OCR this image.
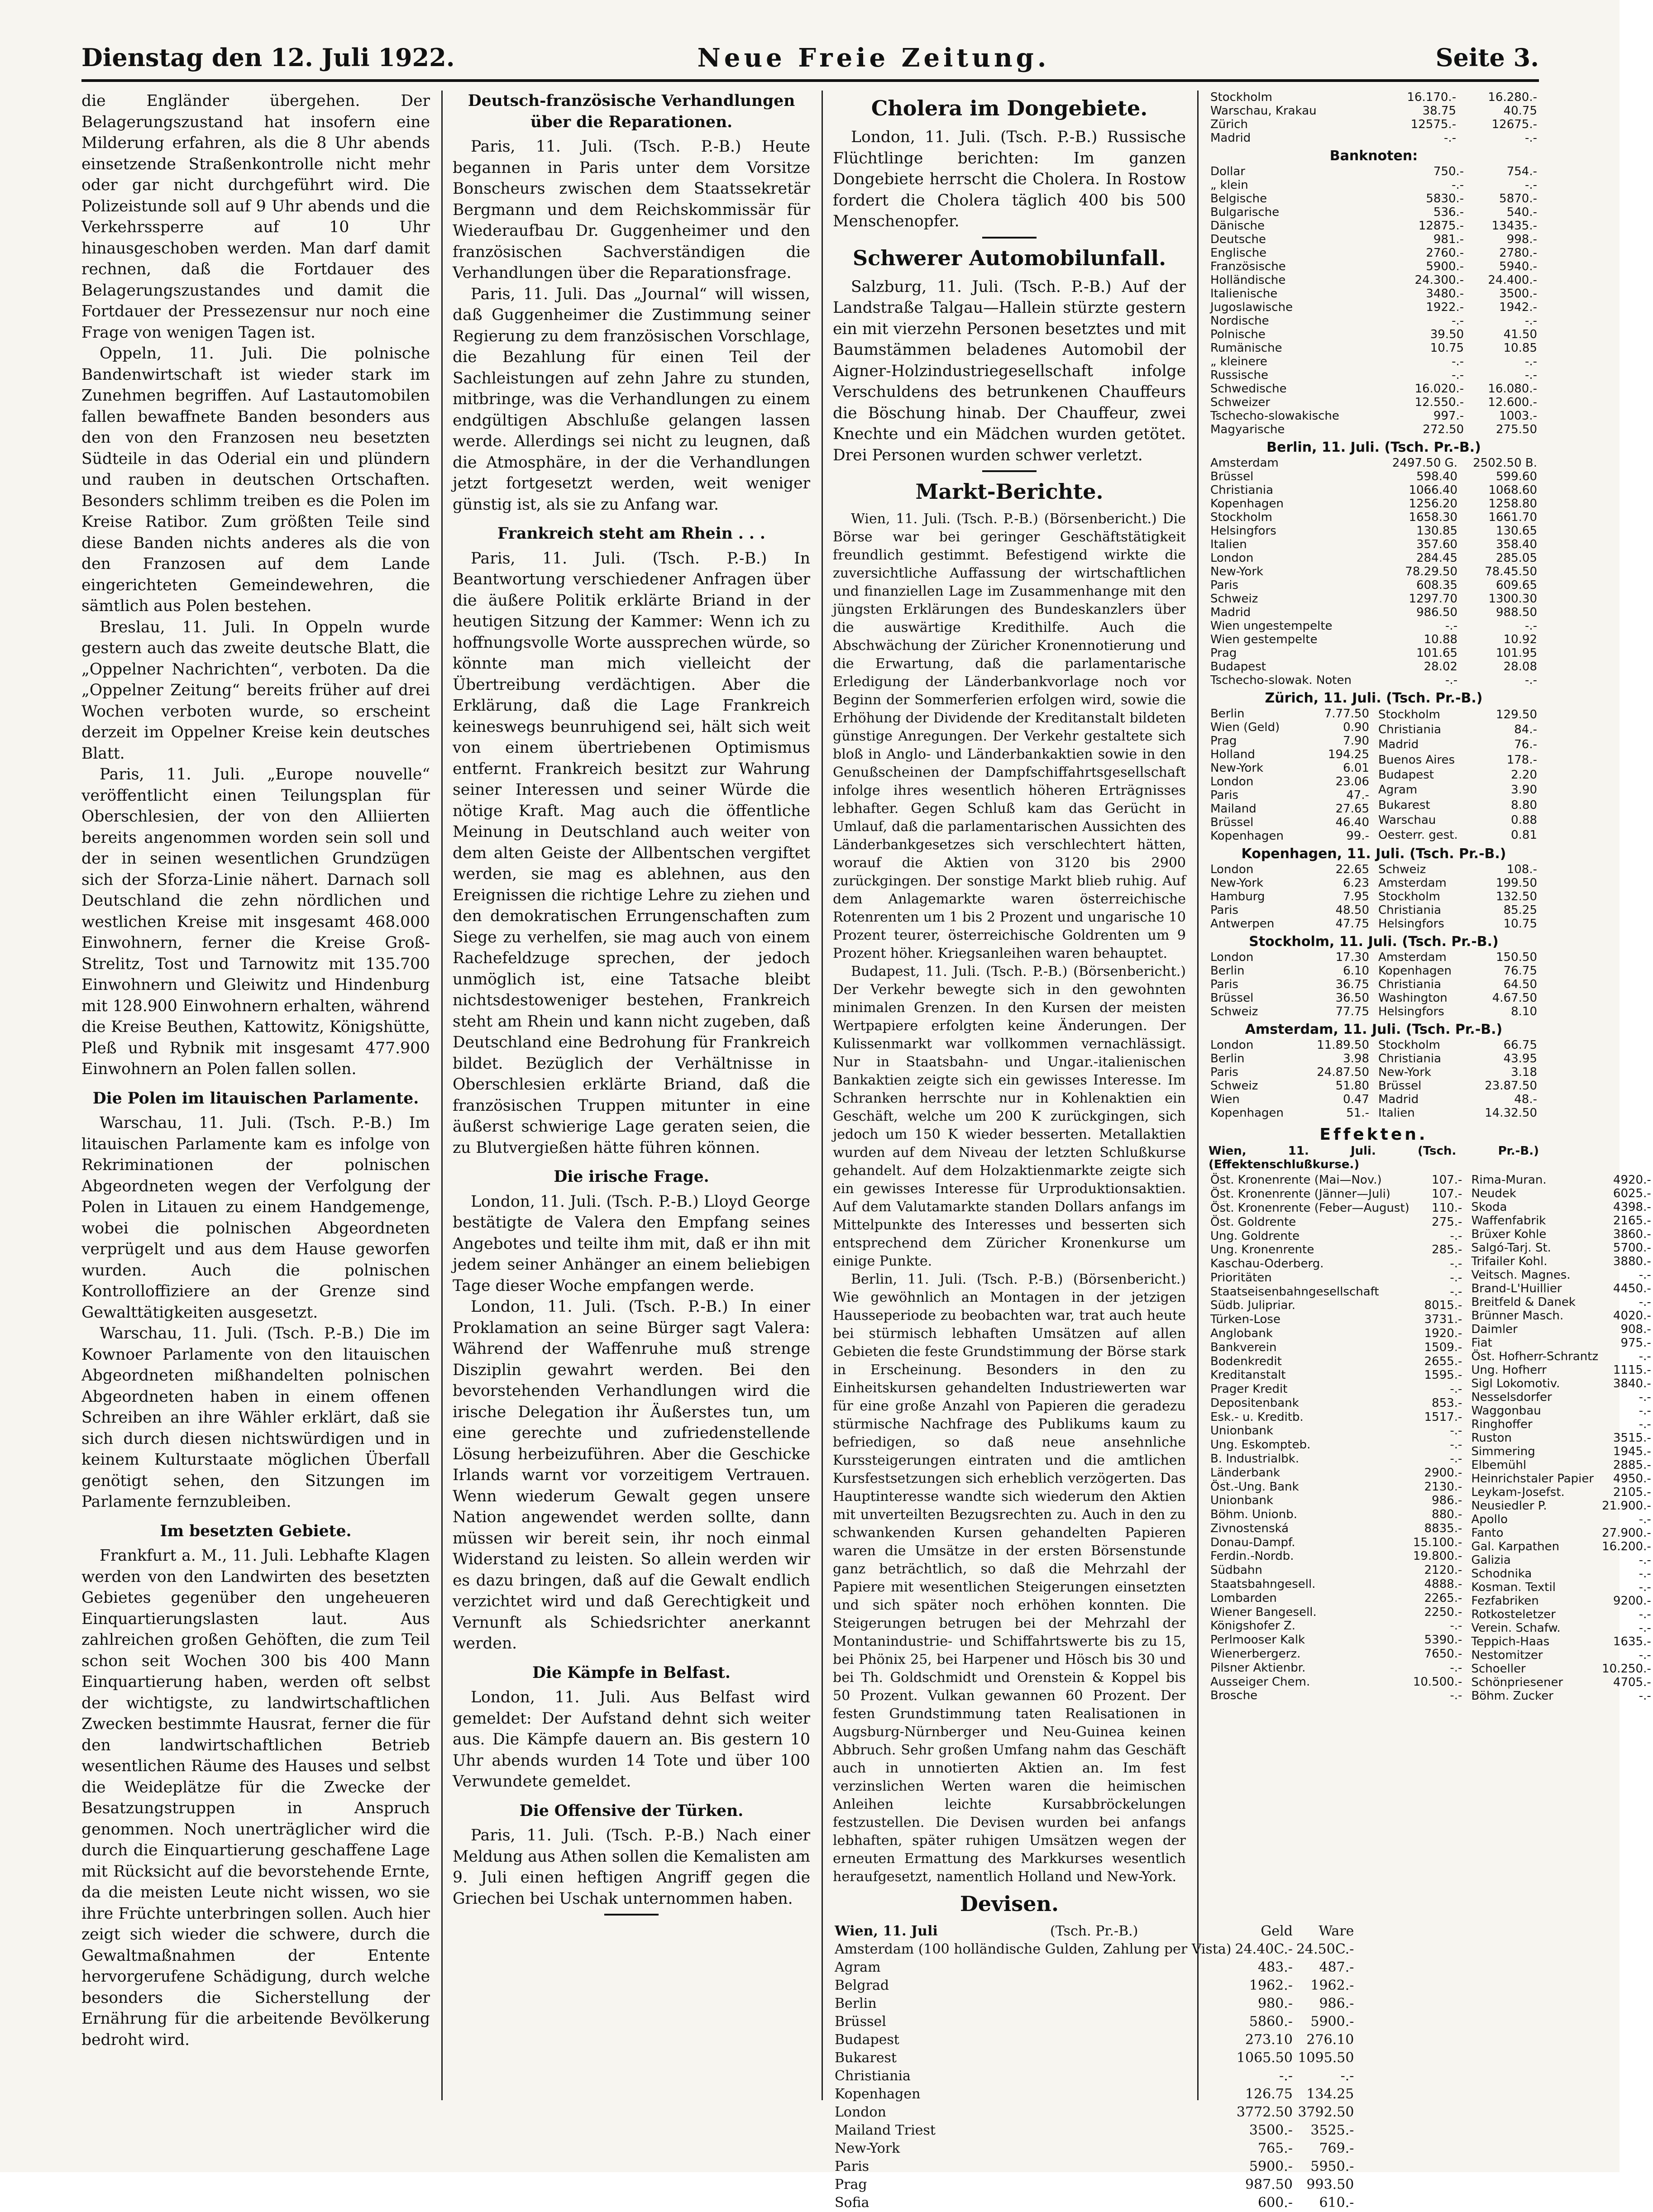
Dienstag den 12. Juli 1922.	Neue Freie Zeitung.	Seite 3.

die Engländer übergehen. Der Belagerungszustand hat insofern eine Milderung erfahren, als die 8 Uhr abends einsetzende Straßenkontrolle nicht mehr oder gar nicht durchgeführt wird. Die Polizeistunde soll auf 9 Uhr abends und die Verkehrssperre auf 10 Uhr hinausgeschoben werden. Man darf damit rechnen, daß die Fortdauer des Belagerungszustandes und damit die Fortdauer der Pressezensur nur noch eine Frage von wenigen Tagen ist.

Oppeln, 11. Juli. Die polnische Bandenwirtschaft ist wieder stark im Zunehmen begriffen. Auf Lastautomobilen fallen bewaffnete Banden besonders aus den von den Franzosen neu besetzten Südteile in das Oderial ein und plündern und rauben in deutschen Ortschaften. Besonders schlimm treiben es die Polen im Kreise Ratibor. Zum größten Teile sind diese Banden nichts anderes als die von den Franzosen auf dem Lande eingerichteten Gemeindewehren, die sämtlich aus Polen bestehen.

Breslau, 11. Juli. In Oppeln wurde gestern auch das zweite deutsche Blatt, die „Oppelner Nachrichten“, verboten. Da die „Oppelner Zeitung“ bereits früher auf drei Wochen verboten wurde, so erscheint derzeit im Oppelner Kreise kein deutsches Blatt.

Paris, 11. Juli. „Europe nouvelle“ veröffentlicht einen Teilungsplan für Oberschlesien, der von den Alliierten bereits angenommen worden sein soll und der in seinen wesentlichen Grundzügen sich der Sforza-Linie nähert. Darnach soll Deutschland die zehn nördlichen und westlichen Kreise mit insgesamt 468.000 Einwohnern, ferner die Kreise Groß-Strelitz, Tost und Tarnowitz mit 135.700 Einwohnern und Gleiwitz und Hindenburg mit 128.900 Einwohnern erhalten, während die Kreise Beuthen, Kattowitz, Königshütte, Pleß und Rybnik mit insgesamt 477.900 Einwohnern an Polen fallen sollen.

Die Polen im litauischen Parlamente.

Warschau, 11. Juli. (Tsch. P.-B.) Im litauischen Parlamente kam es infolge von Rekriminationen der polnischen Abgeordneten wegen der Verfolgung der Polen in Litauen zu einem Handgemenge, wobei die polnischen Abgeordneten verprügelt und aus dem Hause geworfen wurden. Auch die polnischen Kontrolloffiziere an der Grenze sind Gewalttätigkeiten ausgesetzt.

Warschau, 11. Juli. (Tsch. P.-B.) Die im Kownoer Parlamente von den litauischen Abgeordneten mißhandelten polnischen Abgeordneten haben in einem offenen Schreiben an ihre Wähler erklärt, daß sie sich durch diesen nichtswürdigen und in keinem Kulturstaate möglichen Überfall genötigt sehen, den Sitzungen im Parlamente fernzubleiben.

Im besetzten Gebiete.

Frankfurt a. M., 11. Juli. Lebhafte Klagen werden von den Landwirten des besetzten Gebietes gegenüber den ungeheueren Einquartierungslasten laut. Aus zahlreichen großen Gehöften, die zum Teil schon seit Wochen 300 bis 400 Mann Einquartierung haben, werden oft selbst der wichtigste, zu landwirtschaftlichen Zwecken bestimmte Hausrat, ferner die für den landwirtschaftlichen Betrieb wesentlichen Räume des Hauses und selbst die Weideplätze für die Zwecke der Besatzungstruppen in Anspruch genommen. Noch unerträglicher wird die durch die Einquartierung geschaffene Lage mit Rücksicht auf die bevorstehende Ernte, da die meisten Leute nicht wissen, wo sie ihre Früchte unterbringen sollen. Auch hier zeigt sich wieder die schwere, durch die Gewaltmaßnahmen der Entente hervorgerufene Schädigung, durch welche besonders die Sicherstellung der Ernährung für die arbeitende Bevölkerung bedroht wird.

Deutsch-französische Verhandlungen über die Reparationen.

Paris, 11. Juli. (Tsch. P.-B.) Heute begannen in Paris unter dem Vorsitze Bonscheurs zwischen dem Staatssekretär Bergmann und dem Reichskommissär für Wiederaufbau Dr. Guggenheimer und den französischen Sachverständigen die Verhandlungen über die Reparationsfrage.

Paris, 11. Juli. Das „Journal“ will wissen, daß Guggenheimer die Zustimmung seiner Regierung zu dem französischen Vorschlage, die Bezahlung für einen Teil der Sachleistungen auf zehn Jahre zu stunden, mitbringe, was die Verhandlungen zu einem endgültigen Abschluße gelangen lassen werde. Allerdings sei nicht zu leugnen, daß die Atmosphäre, in der die Verhandlungen jetzt fortgesetzt werden, weit weniger günstig ist, als sie zu Anfang war.

Frankreich steht am Rhein . . .

Paris, 11. Juli. (Tsch. P.-B.) In Beantwortung verschiedener Anfragen über die äußere Politik erklärte Briand in der heutigen Sitzung der Kammer: Wenn ich zu hoffnungsvolle Worte aussprechen würde, so könnte man mich vielleicht der Übertreibung verdächtigen. Aber die Erklärung, daß die Lage Frankreich keineswegs beunruhigend sei, hält sich weit von einem übertriebenen Optimismus entfernt. Frankreich besitzt zur Wahrung seiner Interessen und seiner Würde die nötige Kraft. Mag auch die öffentliche Meinung in Deutschland auch weiter von dem alten Geiste der Allbentschen vergiftet werden, sie mag es ablehnen, aus den Ereignissen die richtige Lehre zu ziehen und den demokratischen Errungenschaften zum Siege zu verhelfen, sie mag auch von einem Rachefeldzuge sprechen, der jedoch unmöglich ist, eine Tatsache bleibt nichtsdestoweniger bestehen, Frankreich steht am Rhein und kann nicht zugeben, daß Deutschland eine Bedrohung für Frankreich bildet. Bezüglich der Verhältnisse in Oberschlesien erklärte Briand, daß die französischen Truppen mitunter in eine äußerst schwierige Lage geraten seien, die zu Blutvergießen hätte führen können.

Die irische Frage.

London, 11. Juli. (Tsch. P.-B.) Lloyd George bestätigte de Valera den Empfang seines Angebotes und teilte ihm mit, daß er ihn mit jedem seiner Anhänger an einem beliebigen Tage dieser Woche empfangen werde.

London, 11. Juli. (Tsch. P.-B.) In einer Proklamation an seine Bürger sagt Valera: Während der Waffenruhe muß strenge Disziplin gewahrt werden. Bei den bevorstehenden Verhandlungen wird die irische Delegation ihr Äußerstes tun, um eine gerechte und zufriedenstellende Lösung herbeizuführen. Aber die Geschicke Irlands warnt vor vorzeitigem Vertrauen. Wenn wiederum Gewalt gegen unsere Nation angewendet werden sollte, dann müssen wir bereit sein, ihr noch einmal Widerstand zu leisten. So allein werden wir es dazu bringen, daß auf die Gewalt endlich verzichtet wird und daß Gerechtigkeit und Vernunft als Schiedsrichter anerkannt werden.

Die Kämpfe in Belfast.

London, 11. Juli. Aus Belfast wird gemeldet: Der Aufstand dehnt sich weiter aus. Die Kämpfe dauern an. Bis gestern 10 Uhr abends wurden 14 Tote und über 100 Verwundete gemeldet.

Die Offensive der Türken.

Paris, 11. Juli. (Tsch. P.-B.) Nach einer Meldung aus Athen sollen die Kemalisten am 9. Juli einen heftigen Angriff gegen die Griechen bei Uschak unternommen haben.

Cholera im Dongebiete.

London, 11. Juli. (Tsch. P.-B.) Russische Flüchtlinge berichten: Im ganzen Dongebiete herrscht die Cholera. In Rostow fordert die Cholera täglich 400 bis 500 Menschenopfer.

Schwerer Automobilunfall.

Salzburg, 11. Juli. (Tsch. P.-B.) Auf der Landstraße Talgau—Hallein stürzte gestern ein mit vierzehn Personen besetztes und mit Baumstämmen beladenes Automobil der Aigner-Holzindustriegesellschaft infolge Verschuldens des betrunkenen Chauffeurs die Böschung hinab. Der Chauffeur, zwei Knechte und ein Mädchen wurden getötet. Drei Personen wurden schwer verletzt.

Markt-Berichte.

Wien, 11. Juli. (Tsch. P.-B.) (Börsenbericht.) Die Börse war bei geringer Geschäftstätigkeit freundlich gestimmt. Befestigend wirkte die zuversichtliche Auffassung der wirtschaftlichen und finanziellen Lage im Zusammenhange mit den jüngsten Erklärungen des Bundeskanzlers über die auswärtige Kredithilfe. Auch die Abschwächung der Züricher Kronennotierung und die Erwartung, daß die parlamentarische Erledigung der Länderbankvorlage noch vor Beginn der Sommerferien erfolgen wird, sowie die Erhöhung der Dividende der Kreditanstalt bildeten günstige Anregungen. Der Verkehr gestaltete sich bloß in Anglo- und Länderbankaktien sowie in den Genußscheinen der Dampfschiffahrtsgesellschaft infolge ihres wesentlich höheren Erträgnisses lebhafter. Gegen Schluß kam das Gerücht in Umlauf, daß die parlamentarischen Aussichten des Länderbankgesetzes sich verschlechtert hätten, worauf die Aktien von 3120 bis 2900 zurückgingen. Der sonstige Markt blieb ruhig. Auf dem Anlagemarkte waren österreichische Rotenrenten um 1 bis 2 Prozent und ungarische 10 Prozent teurer, österreichische Goldrenten um 9 Prozent höher. Kriegsanleihen waren behauptet.

Budapest, 11. Juli. (Tsch. P.-B.) (Börsenbericht.) Der Verkehr bewegte sich in den gewohnten minimalen Grenzen. In den Kursen der meisten Wertpapiere erfolgten keine Änderungen. Der Kulissenmarkt war vollkommen vernachlässigt. Nur in Staatsbahn- und Ungar.-italienischen Bankaktien zeigte sich ein gewisses Interesse. Im Schranken herrschte nur in Kohlenaktien ein Geschäft, welche um 200 K zurückgingen, sich jedoch um 150 K wieder besserten. Metallaktien wurden auf dem Niveau der letzten Schlußkurse gehandelt. Auf dem Holzaktienmarkte zeigte sich ein gewisses Interesse für Urproduktionsaktien. Auf dem Valutamarkte standen Dollars anfangs im Mittelpunkte des Interesses und besserten sich entsprechend dem Züricher Kronenkurse um einige Punkte.

Berlin, 11. Juli. (Tsch. P.-B.) (Börsenbericht.) Wie gewöhnlich an Montagen in der jetzigen Hausseperiode zu beobachten war, trat auch heute bei stürmisch lebhaften Umsätzen auf allen Gebieten die feste Grundstimmung der Börse stark in Erscheinung. Besonders in den zu Einheitskursen gehandelten Industriewerten war für eine große Anzahl von Papieren die geradezu stürmische Nachfrage des Publikums kaum zu befriedigen, so daß neue ansehnliche Kurssteigerungen eintraten und die amtlichen Kursfestsetzungen sich erheblich verzögerten. Das Hauptinteresse wandte sich wiederum den Aktien mit unverteilten Bezugsrechten zu. Auch in den zu schwankenden Kursen gehandelten Papieren waren die Umsätze in der ersten Börsenstunde ganz beträchtlich, so daß die Mehrzahl der Papiere mit wesentlichen Steigerungen einsetzten und sich später noch erhöhen konnten. Die Steigerungen betrugen bei der Mehrzahl der Montanindustrie- und Schiffahrtswerte bis zu 15, bei Phönix 25, bei Harpener und Hösch bis 30 und bei Th. Goldschmidt und Orenstein & Koppel bis 50 Prozent. Vulkan gewannen 60 Prozent. Der festen Grundstimmung taten Realisationen in Augsburg-Nürnberger und Neu-Guinea keinen Abbruch. Sehr großen Umfang nahm das Geschäft auch in unnotierten Aktien an. Im fest verzinslichen Werten waren die heimischen Anleihen leichte Kursabbröckelungen festzustellen. Die Devisen wurden bei anfangs lebhaften, später ruhigen Umsätzen wegen der erneuten Ermattung des Markkurses wesentlich heraufgesetzt, namentlich Holland und New-York.

Devisen.
Wien, 11. Juli	(Tsch. Pr.-B.)	Geld	Ware
Amsterdam (100 holländische Gulden, Zahlung per Vista)		24.40C.-	24.50C.-
Agram		483.-	487.-
Belgrad		1962.-	1962.-
Berlin		980.-	986.-
Brüssel		5860.-	5900.-
Budapest		273.10	276.10
Bukarest		1065.50	1095.50
Christiania		-.-	-.-
Kopenhagen		126.75	134.25
London		3772.50	3792.50
Mailand Triest		3500.-	3525.-
New-York		765.-	769.-
Paris		5900.-	5950.-
Prag		987.50	993.50
Sofia		600.-	610.-
Stockholm	16.170.-	16.280.-
Warschau, Krakau	38.75	40.75
Zürich	12575.-	12675.-
Madrid	-.-	-.-
Banknoten:
Dollar	750.-	754.-
„ klein	-.-	-.-
Belgische	5830.-	5870.-
Bulgarische	536.-	540.-
Dänische	12875.-	13435.-
Deutsche	981.-	998.-
Englische	2760.-	2780.-
Französische	5900.-	5940.-
Holländische	24.300.-	24.400.-
Italienische	3480.-	3500.-
Jugoslawische	1922.-	1942.-
Nordische	-.-	-.-
Polnische	39.50	41.50
Rumänische	10.75	10.85
„ kleinere	-.-	-.-
Russische	-.-	-.-
Schwedische	16.020.-	16.080.-
Schweizer	12.550.-	12.600.-
Tschecho-slowakische	997.-	1003.-
Magyarische	272.50	275.50
Berlin, 11. Juli. (Tsch. Pr.-B.)
Amsterdam	2497.50 G.	2502.50 B.
Brüssel	598.40	599.60
Christiania	1066.40	1068.60
Kopenhagen	1256.20	1258.80
Stockholm	1658.30	1661.70
Helsingfors	130.85	130.65
Italien	357.60	358.40
London	284.45	285.05
New-York	78.29.50	78.45.50
Paris	608.35	609.65
Schweiz	1297.70	1300.30
Madrid	986.50	988.50
Wien ungestempelte	-.-	-.-
Wien gestempelte	10.88	10.92
Prag	101.65	101.95
Budapest	28.02	28.08
Tschecho-slowak. Noten	-.-	-.-
Zürich, 11. Juli. (Tsch. Pr.-B.)
Berlin	7.77.50
Wien (Geld)	0.90
Prag	7.90
Holland	194.25
New-York	6.01
London	23.06
Paris	47.-
Mailand	27.65
Brüssel	46.40
Kopenhagen	99.-
Stockholm	129.50
Christiania	84.-
Madrid	76.-
Buenos Aires	178.-
Budapest	2.20
Agram	3.90
Bukarest	8.80
Warschau	0.88
Oesterr. gest.	0.81

Kopenhagen, 11. Juli. (Tsch. Pr.-B.)
London	22.65
New-York	6.23
Hamburg	7.95
Paris	48.50
Antwerpen	47.75
Schweiz	108.-
Amsterdam	199.50
Stockholm	132.50
Christiania	85.25
Helsingfors	10.75
Stockholm, 11. Juli. (Tsch. Pr.-B.)
London	17.30
Berlin	6.10
Paris	36.75
Brüssel	36.50
Schweiz	77.75
Amsterdam	150.50
Kopenhagen	76.75
Christiania	64.50
Washington	4.67.50
Helsingfors	8.10
Amsterdam, 11. Juli. (Tsch. Pr.-B.)
London	11.89.50
Berlin	3.98
Paris	24.87.50
Schweiz	51.80
Wien	0.47
Kopenhagen	51.-
Stockholm	66.75
Christiania	43.95
New-York	3.18
Brüssel	23.87.50
Madrid	48.-
Italien	14.32.50
Effekten.
Wien, 11. Juli. (Tsch. Pr.-B.) (Effektenschlußkurse.)
Öst. Kronenrente (Mai—Nov.)	107.-
Öst. Kronenrente (Jänner—Juli)	107.-
Öst. Kronenrente (Feber—August)	110.-
Öst. Goldrente	275.-
Ung. Goldrente	-.-
Ung. Kronenrente	285.-
Kaschau-Oderberg.	-.-
Prioritäten	-.-
Staatseisenbahngesellschaft	-.-
Südb. Julipriar.	8015.-
Türken-Lose	3731.-
Anglobank	1920.-
Bankverein	1509.-
Bodenkredit	2655.-
Kreditanstalt	1595.-
Prager Kredit	-.-
Depositenbank	853.-
Esk.- u. Kreditb.	1517.-
Unionbank	-.-
Ung. Eskompteb.	-.-
B. Industrialbk.	-.-
Länderbank	2900.-
Öst.-Ung. Bank	2130.-
Unionbank	986.-
Böhm. Unionb.	880.-
Zivnostenská	8835.-
Donau-Dampf.	15.100.-
Ferdin.-Nordb.	19.800.-
Südbahn	2120.-
Staatsbahngesell.	4888.-
Lombarden	2265.-
Wiener Bangesell.	2250.-
Königshofer Z.	-.-
Perlmooser Kalk	5390.-
Wienerbergerz.	7650.-
Pilsner Aktienbr.	-.-
Ausseiger Chem.	10.500.-
Brosche	-.-
Rima-Muran.	4920.-
Neudek	6025.-
Skoda	4398.-
Waffenfabrik	2165.-
Brüxer Kohle	3860.-
Salgó-Tarj. St.	5700.-
Trifailer Kohl.	3880.-
Veitsch. Magnes.	-.-
Brand-L'Huillier	4450.-
Breitfeld & Danek	-.-
Brünner Masch.	4020.-
Daimler	908.-
Fiat	975.-
Öst. Hofherr-Schrantz	-.-
Ung. Hofherr	1115.-
Sigl Lokomotiv.	3840.-
Nesselsdorfer	-.-
Waggonbau	-.-
Ringhoffer	-.-
Ruston	3515.-
Simmering	1945.-
Elbemühl	2885.-
Heinrichstaler Papier	4950.-
Leykam-Josefst.	2105.-
Neusiedler P.	21.900.-
Apollo	-.-
Fanto	27.900.-
Gal. Karpathen	16.200.-
Galizia	-.-
Schodnika	-.-
Kosman. Textil	-.-
Fezfabriken	9200.-
Rotkosteletzer	-.-
Verein. Schafw.	-.-
Teppich-Haas	1635.-
Nestomitzer	-.-
Schoeller	10.250.-
Schönpriesener	4705.-
Böhm. Zucker	-.-
